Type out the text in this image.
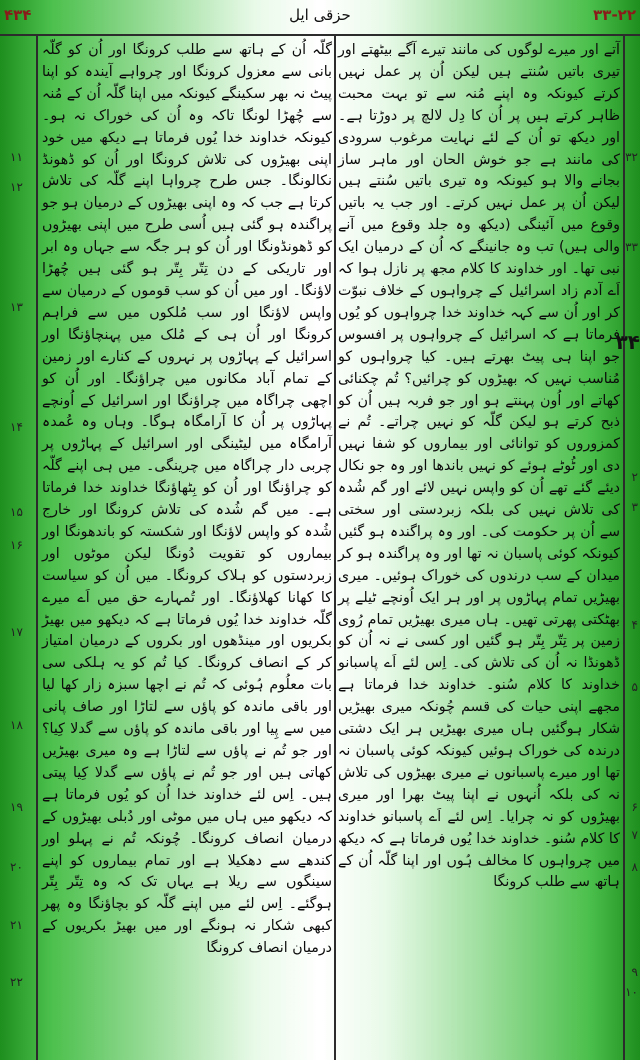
۴۳۴	حزقی ایل	۳۳-۲۲

آتے اور میرے لوگوں کی مانند تیرے آگے بیٹھتے اور تیری باتیں سُنتے ہیں لیکن اُن پر عمل نہیں کرتے کیونکہ وہ اپنے مُنہ سے تو بہت محبت ظاہر کرتے ہیں پر اُن کا دِل لالچ پر دوڑتا ہے۔ اور دیکھ تو اُن کے لئے نہایت مرغوب سرودی کی مانند ہے جو خوش الحان اور ماہر ساز بجانے والا ہو کیونکہ وہ تیری باتیں سُنتے ہیں لیکن اُن پر عمل نہیں کرتے۔ اور جب یہ باتیں وقوع میں آئینگی (دیکھ وہ جلد وقوع میں آنے والی ہیں) تب وہ جانینگے کہ اُن کے درمیان ایک نبی تھا۔ اور خداوند کا کلام مجھ پر نازل ہوا کہ اَے آدم زاد اسرائیل کے چرواہوں کے خلاف نبوّت کر اور اُن سے کہہ خداوند خدا چرواہوں کو یُوں فرماتا ہے کہ اسرائیل کے چرواہوں پر افسوس جو اپنا ہی پیٹ بھرتے ہیں۔ کیا چرواہوں کو مُناسب نہیں کہ بھیڑوں کو چرائیں؟ تُم چکنائی کھاتے اور اُون پہنتے ہو اور جو فربہ ہیں اُن کو ذبح کرتے ہو لیکن گلّہ کو نہیں چراتے۔ تُم نے کمزوروں کو توانائی اور بیماروں کو شفا نہیں دی اور ٹُوٹے ہوئے کو نہیں باندھا اور وہ جو نکال دیئے گئے تھے اُن کو واپس نہیں لائے اور گم شُدہ کی تلاش نہیں کی بلکہ زبردستی اور سختی سے اُن پر حکومت کی۔ اور وہ پراگندہ ہو گئیں کیونکہ کوئی پاسبان نہ تھا اور وہ پراگندہ ہو کر میدان کے سب درندوں کی خوراک ہوئیں۔ میری بھیڑیں تمام پہاڑوں پر اور ہر ایک اُونچے ٹیلے پر بھٹکتی پھرتی تھیں۔ ہاں میری بھیڑیں تمام رُوی زمین پر تِتّر بِتّر ہو گئیں اور کسی نے نہ اُن کو ڈھونڈا نہ اُن کی تلاش کی۔ اِس لئے اَے پاسبانو خداوند کا کلام سُنو۔ خداوند خدا فرماتا ہے مجھے اپنی حیات کی قسم چُونکہ میری بھیڑیں شکار ہوگئیں ہاں میری بھیڑیں ہر ایک دشتی درندہ کی خوراک ہوئیں کیونکہ کوئی پاسبان نہ تھا اور میرے پاسبانوں نے میری بھیڑوں کی تلاش نہ کی بلکہ اُنہوں نے اپنا پیٹ بھرا اور میری بھیڑوں کو نہ چرایا۔ اِس لئے اَے پاسبانو خداوند کا کلام سُنو۔ خداوند خدا یُوں فرماتا ہے کہ دیکھ میں چرواہوں کا مخالف ہُوں اور اپنا گلّہ اُن کے ہاتھ سے طلب کرونگا

گلّہ اُن کے ہاتھ سے طلب کرونگا اور اُن کو گلّہ بانی سے معزول کرونگا اور چرواہے آیندہ کو اپنا پیٹ نہ بھر سکینگے کیونکہ میں اپنا گلّہ اُن کے مُنہ سے چُھڑا لونگا تاکہ وہ اُن کی خوراک نہ ہو۔ کیونکہ خداوند خدا یُوں فرماتا ہے دیکھ میں خود اپنی بھیڑوں کی تلاش کرونگا اور اُن کو ڈھونڈ نکالونگا۔ جس طرح چرواہا اپنے گلّہ کی تلاش کرتا ہے جب کہ وہ اپنی بھیڑوں کے درمیان ہو جو پراگندہ ہو گئی ہیں اُسی طرح میں اپنی بھیڑوں کو ڈھونڈونگا اور اُن کو ہر جگہ سے جہاں وہ ابر اور تاریکی کے دن تِتّر بِتّر ہو گئی ہیں چُھڑا لاؤنگا۔ اور میں اُن کو سب قوموں کے درمیان سے واپس لاؤنگا اور سب مُلکوں میں سے فراہم کرونگا اور اُن ہی کے مُلک میں پہنچاؤنگا اور اسرائیل کے پہاڑوں پر نہروں کے کنارے اور زمین کے تمام آباد مکانوں میں چراؤنگا۔ اور اُن کو اچھی چراگاہ میں چراؤنگا اور اسرائیل کے اُونچے پہاڑوں پر اُن کا آرامگاہ ہوگا۔ وہاں وہ عُمدہ آرامگاہ میں لیٹینگی اور اسرائیل کے پہاڑوں پر چربی دار چراگاہ میں چرینگی۔ میں ہی اپنے گلّہ کو چراؤنگا اور اُن کو بِٹھاؤنگا خداوند خدا فرماتا ہے۔ میں گم شُدہ کی تلاش کرونگا اور خارج شُدہ کو واپس لاؤنگا اور شکستہ کو باندھونگا اور بیماروں کو تقویت دُونگا لیکن موٹوں اور زبردستوں کو ہلاک کرونگا۔ میں اُن کو سیاست کا کھانا کھلاؤنگا۔ اور تُمہارے حق میں اَے میرے گلّہ خداوند خدا یُوں فرماتا ہے کہ دیکھو میں بھیڑ بکریوں اور مینڈھوں اور بکروں کے درمیان امتیاز کر کے انصاف کرونگا۔ کیا تُم کو یہ ہلکی سی بات معلُوم ہُوئی کہ تُم نے اچھا سبزہ زار کھا لیا اور باقی ماندہ کو پاؤں سے لتاڑا اور صاف پانی میں سے پِیا اور باقی ماندہ کو پاؤں سے گدلا کِیا؟ اور جو تُم نے پاؤں سے لتاڑا ہے وہ میری بھیڑیں کھاتی ہیں اور جو تُم نے پاؤں سے گدلا کِیا پیتی ہیں۔ اِس لئے خداوند خدا اُن کو یُوں فرماتا ہے کہ دیکھو میں ہاں میں موٹی اور دُبلی بھیڑوں کے درمیان انصاف کرونگا۔ چُونکہ تُم نے پہلو اور کندھے سے دھکیلا ہے اور تمام بیماروں کو اپنے سینگوں سے ریلا ہے یہاں تک کہ وہ تِتّر بِتّر ہوگئے۔ اِس لئے میں اپنے گلّہ کو بچاؤنگا وہ پھر کبھی شکار نہ ہونگے اور میں بھیڑ بکریوں کے درمیان انصاف کرونگا

۳۴
۱۱
۱۲
۱۳
۱۴
۱۵
۱۶
۱۷
۱۸
۱۹
۲۰
۲۱
۲۲
۳۲
۳۳
۲
۳
۴
۵
۶
۷
۸
۹
۱۰
